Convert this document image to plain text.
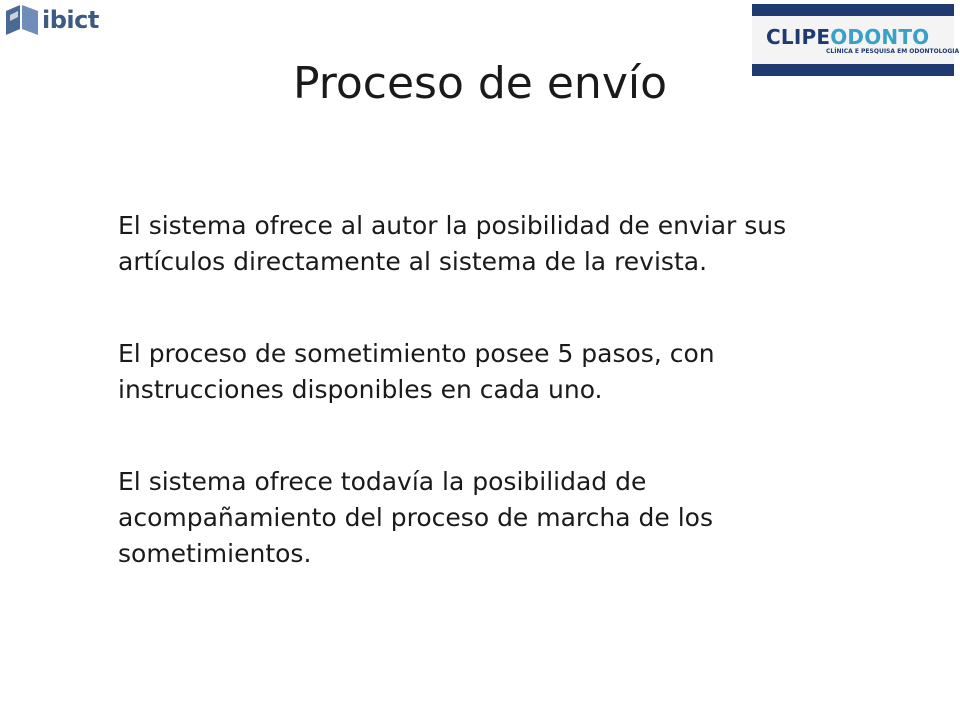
ibict
CLIPEODONTO
CLÍNICA E PESQUISA EM ODONTOLOGIA
Proceso de envío

El sistema ofrece al autor la posibilidad de enviar sus artículos directamente al sistema de la revista.

El proceso de sometimiento posee 5 pasos, con instrucciones disponibles en cada uno.

El sistema ofrece todavía la posibilidad de acompañamiento del proceso de marcha de los sometimientos.
